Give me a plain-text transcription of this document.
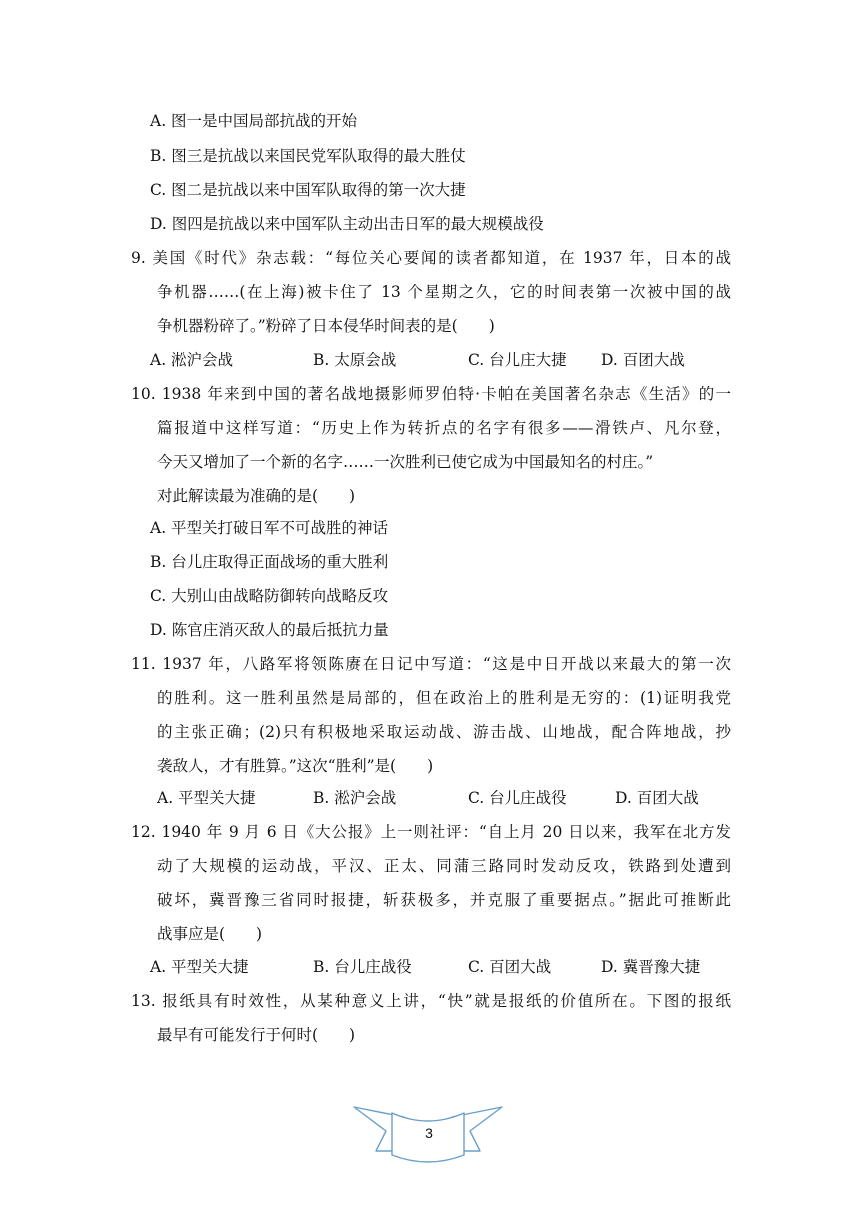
A. 图一是中国局部抗战的开始
B. 图三是抗战以来国民党军队取得的最大胜仗
C. 图二是抗战以来中国军队取得的第一次大捷
D. 图四是抗战以来中国军队主动出击日军的最大规模战役
9. 美国《时代》杂志载：“每位关心要闻的读者都知道，在 1937 年，日本的战
争机器……(在上海)被卡住了 13 个星期之久，它的时间表第一次被中国的战
争机器粉碎了。”粉碎了日本侵华时间表的是(　　)
A. 淞沪会战	B. 太原会战	C. 台儿庄大捷 D. 百团大战
10. 1938 年来到中国的著名战地摄影师罗伯特·卡帕在美国著名杂志《生活》的一
篇报道中这样写道：“历史上作为转折点的名字有很多——滑铁卢、凡尔登，
今天又增加了一个新的名字……一次胜利已使它成为中国最知名的村庄。”
对此解读最为准确的是(　　)
A. 平型关打破日军不可战胜的神话
B. 台儿庄取得正面战场的重大胜利
C. 大别山由战略防御转向战略反攻
D. 陈官庄消灭敌人的最后抵抗力量
11. 1937 年，八路军将领陈赓在日记中写道：“这是中日开战以来最大的第一次
的胜利。这一胜利虽然是局部的，但在政治上的胜利是无穷的：(1)证明我党
的主张正确；(2)只有积极地采取运动战、游击战、山地战，配合阵地战，抄
袭敌人，才有胜算。”这次“胜利”是(　　)
A. 平型关大捷	B. 淞沪会战	C. 台儿庄战役	D. 百团大战
12. 1940 年 9 月 6 日《大公报》上一则社评：“自上月 20 日以来，我军在北方发
动了大规模的运动战，平汉、正太、同蒲三路同时发动反攻，铁路到处遭到
破坏，冀晋豫三省同时报捷，斩获极多，并克服了重要据点。”据此可推断此
战事应是(　　)
A. 平型关大捷	B. 台儿庄战役	C. 百团大战	D. 冀晋豫大捷
13. 报纸具有时效性，从某种意义上讲，“快”就是报纸的价值所在。下图的报纸
最早有可能发行于何时(　　)
3
